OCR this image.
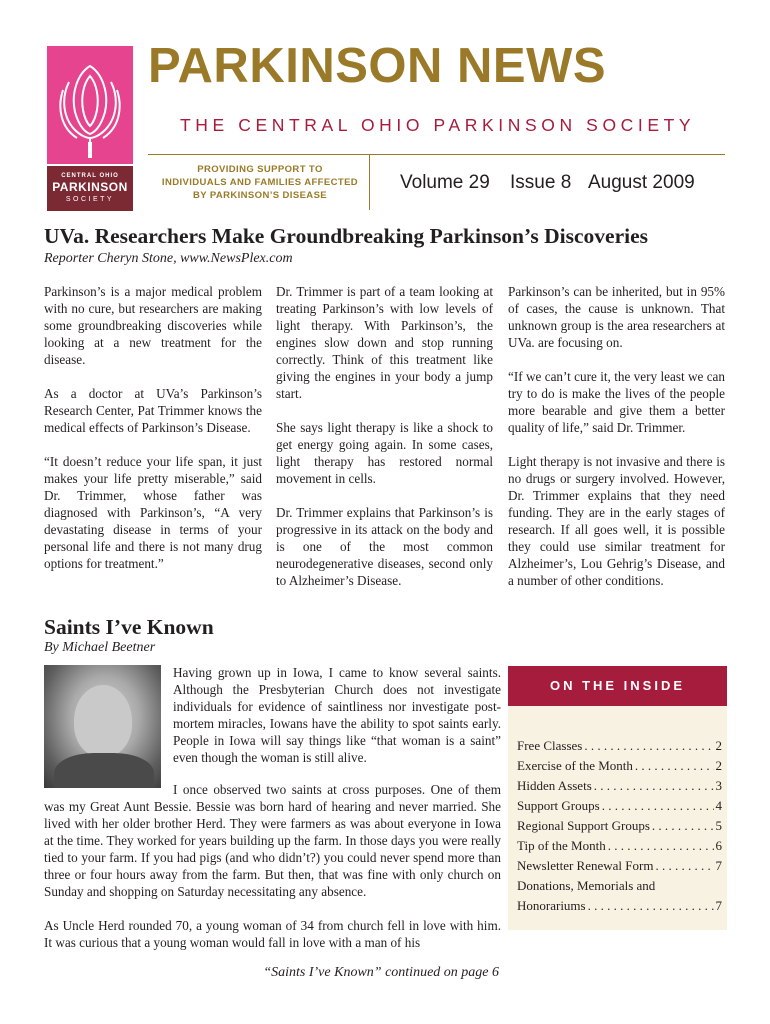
CENTRAL OHIO
PARKINSON
SOCIETY
PARKINSON NEWS
THE CENTRAL OHIO PARKINSON SOCIETY
PROVIDING SUPPORT TO
INDIVIDUALS AND FAMILIES AFFECTED
BY PARKINSON’S DISEASE
Volume 29 Issue 8 August 2009
UVa. Researchers Make Groundbreaking Parkinson’s Discoveries
Reporter Cheryn Stone, www.NewsPlex.com

Parkinson’s is a major medical problem with no cure, but researchers are making some groundbreaking discoveries while looking at a new treatment for the disease.

As a doctor at UVa’s Parkinson’s Research Center, Pat Trimmer knows the medical effects of Parkinson’s Disease.

“It doesn’t reduce your life span, it just makes your life pretty miserable,” said Dr. Trimmer, whose father was diagnosed with Parkinson’s, “A very devastating disease in terms of your personal life and there is not many drug options for treatment.”

Dr. Trimmer is part of a team looking at treating Parkinson’s with low levels of light therapy. With Parkinson’s, the engines slow down and stop running correctly. Think of this treatment like giving the engines in your body a jump start.

She says light therapy is like a shock to get energy going again. In some cases, light therapy has restored normal movement in cells.

Dr. Trimmer explains that Parkinson’s is progressive in its attack on the body and is one of the most common neurodegenerative diseases, second only to Alzheimer’s Disease.

Parkinson’s can be inherited, but in 95% of cases, the cause is unknown. That unknown group is the area researchers at UVa. are focusing on.

“If we can’t cure it, the very least we can try to do is make the lives of the people more bearable and give them a better quality of life,” said Dr. Trimmer.

Light therapy is not invasive and there is no drugs or surgery involved. However, Dr. Trimmer explains that they need funding. They are in the early stages of research. If all goes well, it is possible they could use similar treatment for Alzheimer’s, Lou Gehrig’s Disease, and a number of other conditions.

Saints I’ve Known
By Michael Beetner

Having grown up in Iowa, I came to know several saints. Although the Presbyterian Church does not investigate individuals for evidence of saintliness nor investigate post-mortem miracles, Iowans have the ability to spot saints early. People in Iowa will say things like “that woman is a saint” even though the woman is still alive.

I once observed two saints at cross purposes. One of them was my Great Aunt Bessie. Bessie was born hard of hearing and never married. She lived with her older brother Herd. They were farmers as was about everyone in Iowa at the time. They worked for years building up the farm. In those days you were really tied to your farm. If you had pigs (and who didn’t?) you could never spend more than three or four hours away from the farm. But then, that was fine with only church on Sunday and shopping on Saturday necessitating any absence.

As Uncle Herd rounded 70, a young woman of 34 from church fell in love with him. It was curious that a young woman would fall in love with a man of his

“Saints I’ve Known” continued on page 6
ON THE INSIDE
Free Classes . . .	2
Exercise of the Month . . .	2
Hidden Assets . . .	3
Support Groups . . .	4
Regional Support Groups . . .	5
Tip of the Month . . .	6
Newsletter Renewal Form . . .	7
Donations, Memorials and
Honorariums . . .	7
